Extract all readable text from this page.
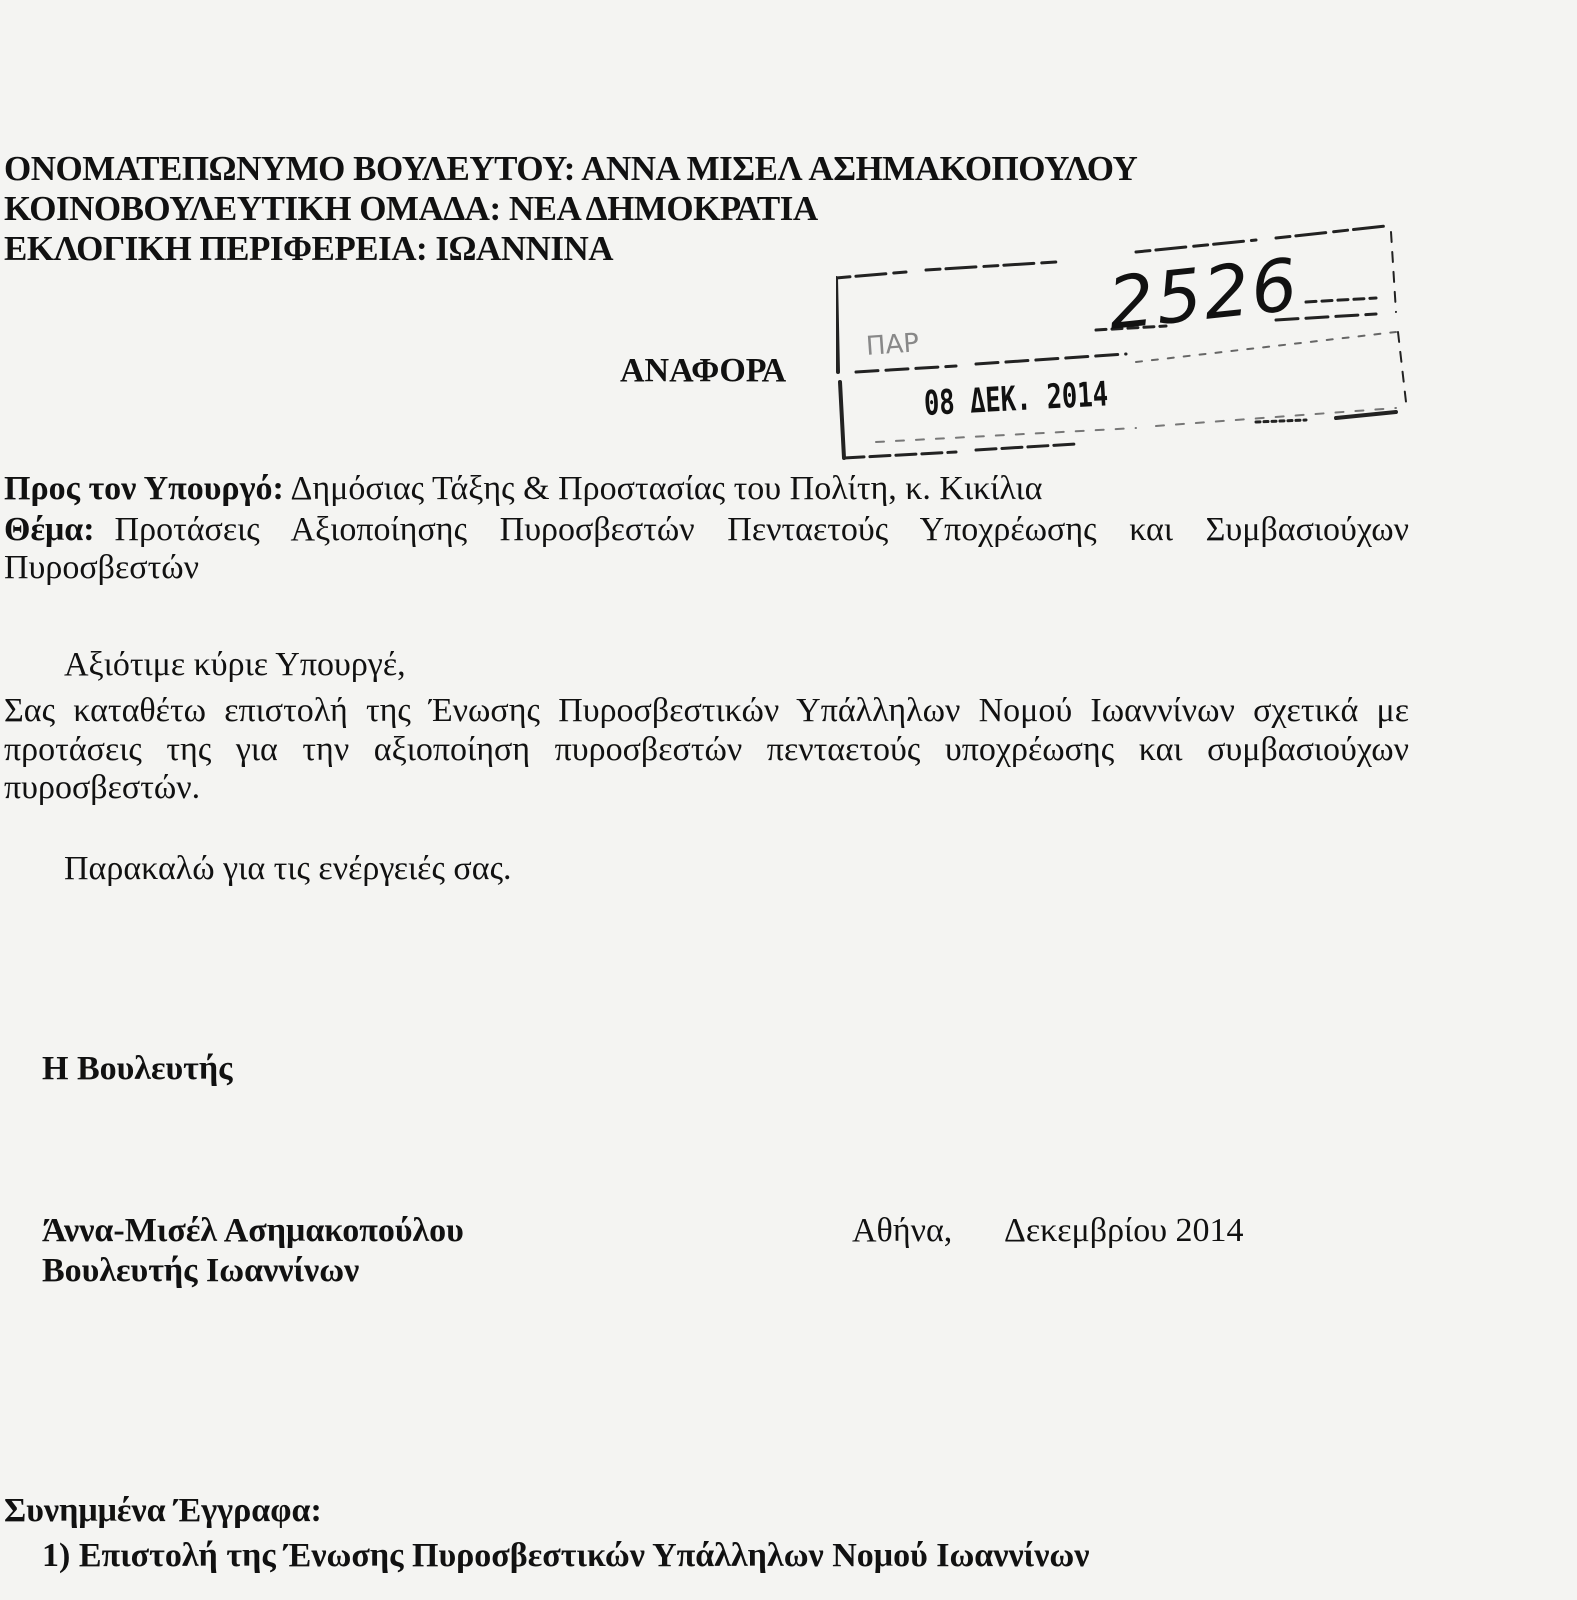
ΟΝΟΜΑΤΕΠΩΝΥΜΟ ΒΟΥΛΕΥΤΟΥ: ΑΝΝΑ ΜΙΣΕΛ ΑΣΗΜΑΚΟΠΟΥΛΟΥ
ΚΟΙΝΟΒΟΥΛΕΥΤΙΚΗ ΟΜΑΔΑ: ΝΕΑ ΔΗΜΟΚΡΑΤΙΑ
ΕΚΛΟΓΙΚΗ ΠΕΡΙΦΕΡΕΙΑ: ΙΩΑΝΝΙΝΑ
ΠΑΡ	2526
08 ΔΕΚ. 2014
ΑΝΑΦΟΡΑ
Προς τον Υπουργό: Δημόσιας Τάξης & Προστασίας του Πολίτη, κ. Κικίλια
Θέμα: Προτάσεις Αξιοποίησης Πυροσβεστών Πενταετούς Υποχρέωσης και Συμβασιούχων
Πυροσβεστών
Αξιότιμε κύριε Υπουργέ,
Σας καταθέτω επιστολή της Ένωσης Πυροσβεστικών Υπάλληλων Νομού Ιωαννίνων σχετικά με
προτάσεις της για την αξιοποίηση πυροσβεστών πενταετούς υποχρέωσης και συμβασιούχων
πυροσβεστών.
Παρακαλώ για τις ενέργειές σας.
Η Βουλευτής
Άννα-Μισέλ Ασημακοπούλου
Βουλευτής Ιωαννίνων
Αθήνα, Δεκεμβρίου 2014
Συνημμένα Έγγραφα:
1) Επιστολή της Ένωσης Πυροσβεστικών Υπάλληλων Νομού Ιωαννίνων
